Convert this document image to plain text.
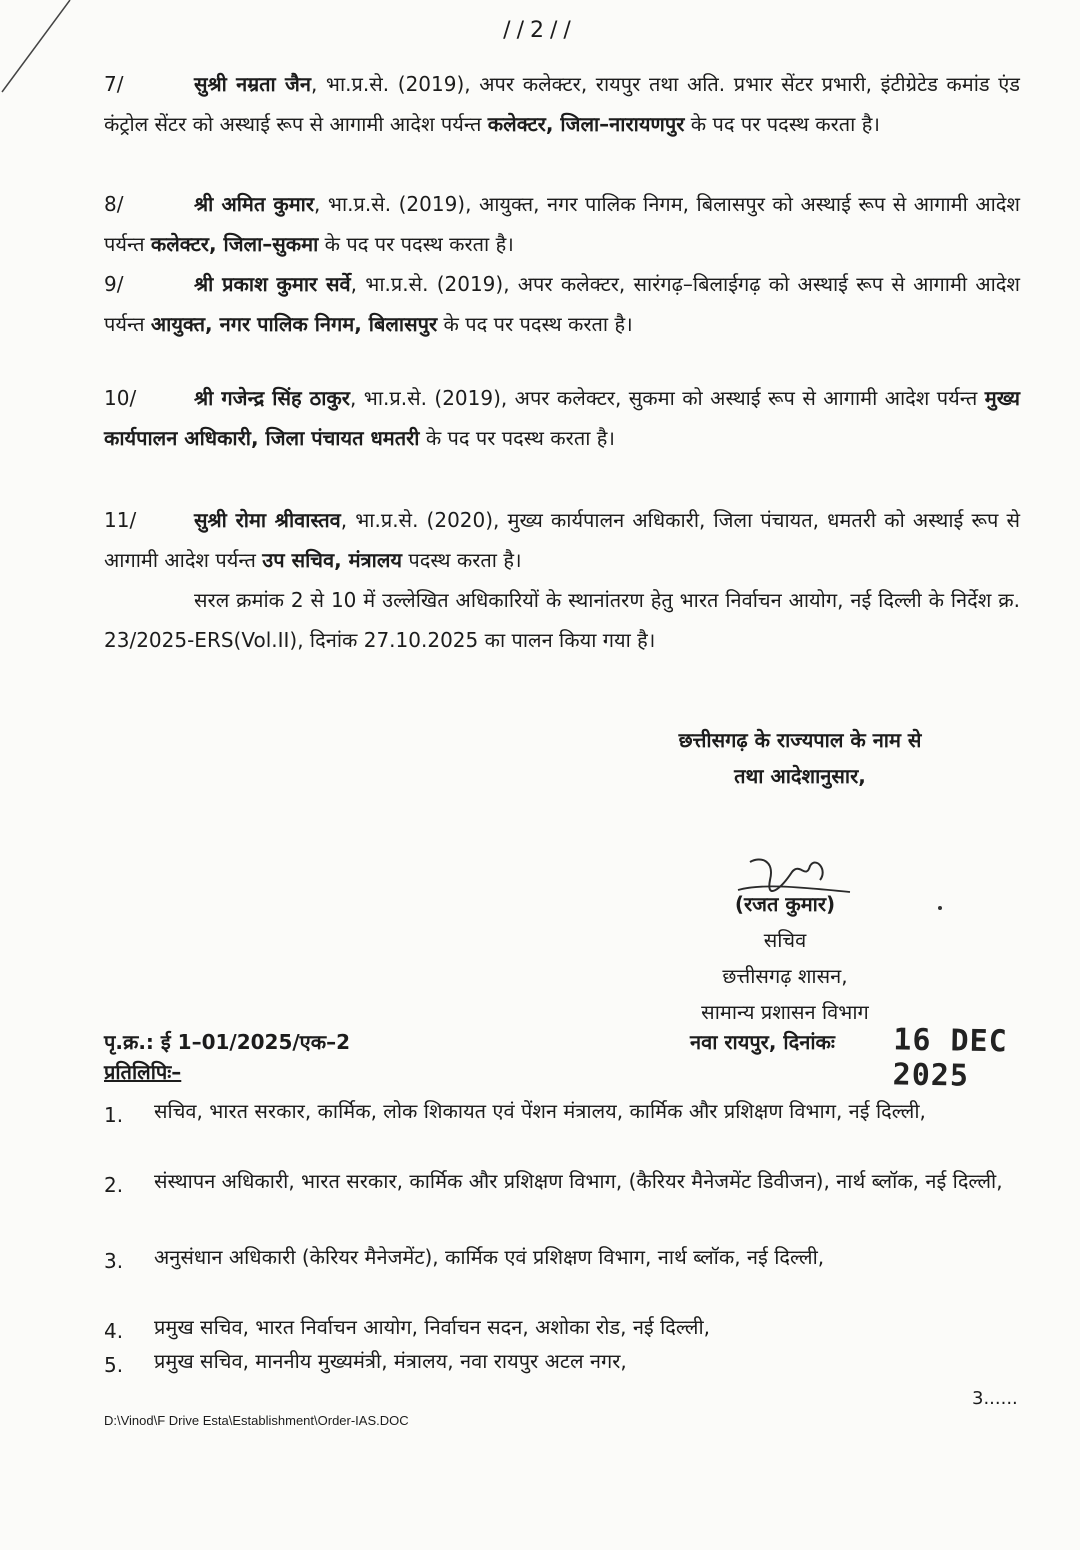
//2//
7/	सुश्री नम्रता जैन, भा.प्र.से. (2019), अपर कलेक्टर, रायपुर तथा अति. प्रभार सेंटर प्रभारी, इंटीग्रेटेड कमांड एंड कंट्रोल सेंटर को अस्थाई रूप से आगामी आदेश पर्यन्त कलेक्टर, जिला–नारायणपुर के पद पर पदस्थ करता है।
8/	श्री अमित कुमार, भा.प्र.से. (2019), आयुक्त, नगर पालिक निगम, बिलासपुर को अस्थाई रूप से आगामी आदेश पर्यन्त कलेक्टर, जिला–सुकमा के पद पर पदस्थ करता है।
9/	श्री प्रकाश कुमार सर्वे, भा.प्र.से. (2019), अपर कलेक्टर, सारंगढ़–बिलाईगढ़ को अस्थाई रूप से आगामी आदेश पर्यन्त आयुक्त, नगर पालिक निगम, बिलासपुर के पद पर पदस्थ करता है।
10/	श्री गजेन्द्र सिंह ठाकुर, भा.प्र.से. (2019), अपर कलेक्टर, सुकमा को अस्थाई रूप से आगामी आदेश पर्यन्त मुख्य कार्यपालन अधिकारी, जिला पंचायत धमतरी के पद पर पदस्थ करता है।
11/	सुश्री रोमा श्रीवास्तव, भा.प्र.से. (2020), मुख्य कार्यपालन अधिकारी, जिला पंचायत, धमतरी को अस्थाई रूप से आगामी आदेश पर्यन्त उप सचिव, मंत्रालय पदस्थ करता है।
सरल क्रमांक 2 से 10 में उल्लेखित अधिकारियों के स्थानांतरण हेतु भारत निर्वाचन आयोग, नई दिल्ली के निर्देश क्र. 23/2025-ERS(Vol.II), दिनांक 27.10.2025 का पालन किया गया है।
छत्तीसगढ़ के राज्यपाल के नाम से
तथा आदेशानुसार,
(रजत कुमार)
सचिव
छत्तीसगढ़ शासन,
सामान्य प्रशासन विभाग
पृ.क्र.: ई 1–01/2025/एक–2	नवा रायपुर, दिनांकः 16 DEC 2025
प्रतिलिपिः–
1.	सचिव, भारत सरकार, कार्मिक, लोक शिकायत एवं पेंशन मंत्रालय, कार्मिक और प्रशिक्षण विभाग, नई दिल्ली,
2.	संस्थापन अधिकारी, भारत सरकार, कार्मिक और प्रशिक्षण विभाग, (कैरियर मैनेजमेंट डिवीजन), नार्थ ब्लॉक, नई दिल्ली,
3.	अनुसंधान अधिकारी (केरियर मैनेजमेंट), कार्मिक एवं प्रशिक्षण विभाग, नार्थ ब्लॉक, नई दिल्ली,
4.	प्रमुख सचिव, भारत निर्वाचन आयोग, निर्वाचन सदन, अशोका रोड, नई दिल्ली,
5.	प्रमुख सचिव, माननीय मुख्यमंत्री, मंत्रालय, नवा रायपुर अटल नगर,
3......
D:\Vinod\F Drive Esta\Establishment\Order-IAS.DOC
